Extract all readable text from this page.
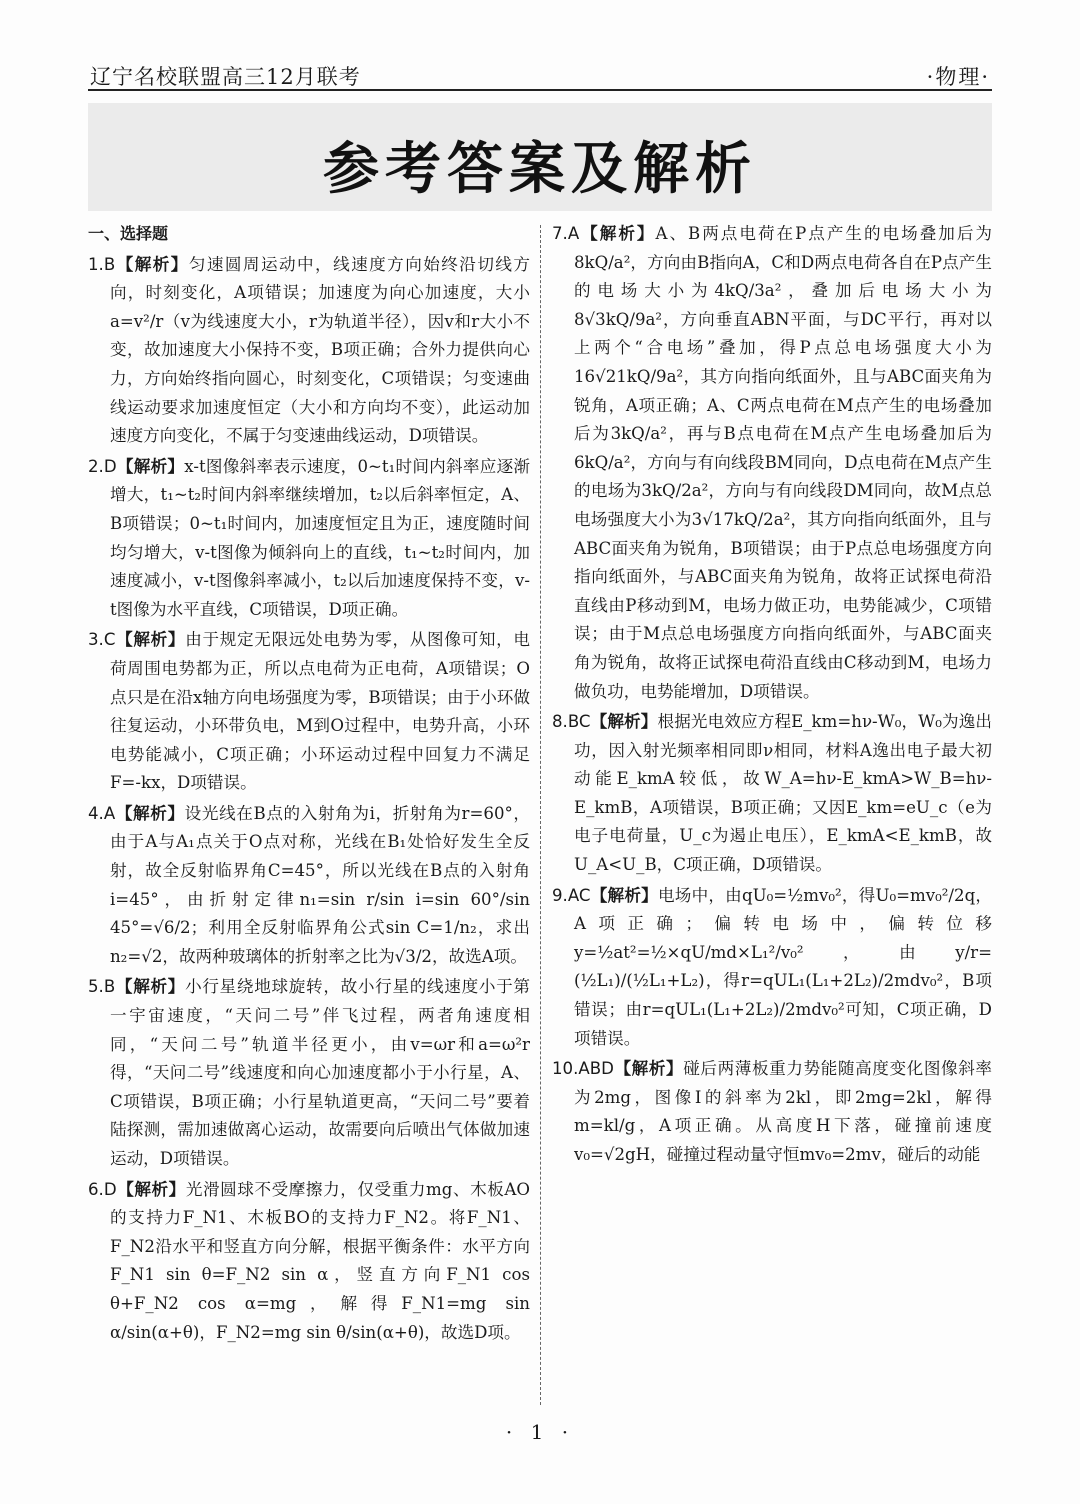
辽宁名校联盟高三12月联考	·物理·
参考答案及解析
一、选择题

1.B【解析】匀速圆周运动中，线速度方向始终沿切线方向，时刻变化，A项错误；加速度为向心加速度，大小a=v²/r（v为线速度大小，r为轨道半径），因v和r大小不变，故加速度大小保持不变，B项正确；合外力提供向心力，方向始终指向圆心，时刻变化，C项错误；匀变速曲线运动要求加速度恒定（大小和方向均不变），此运动加速度方向变化，不属于匀变速曲线运动，D项错误。

2.D【解析】x-t图像斜率表示速度，0~t₁时间内斜率应逐渐增大，t₁~t₂时间内斜率继续增加，t₂以后斜率恒定，A、B项错误；0~t₁时间内，加速度恒定且为正，速度随时间均匀增大，v-t图像为倾斜向上的直线，t₁~t₂时间内，加速度减小，v-t图像斜率减小，t₂以后加速度保持不变，v-t图像为水平直线，C项错误，D项正确。

3.C【解析】由于规定无限远处电势为零，从图像可知，电荷周围电势都为正，所以点电荷为正电荷，A项错误；O点只是在沿x轴方向电场强度为零，B项错误；由于小环做往复运动，小环带负电，M到O过程中，电势升高，小环电势能减小，C项正确；小环运动过程中回复力不满足F=-kx，D项错误。

4.A【解析】设光线在B点的入射角为i，折射角为r=60°，由于A与A₁点关于O点对称，光线在B₁处恰好发生全反射，故全反射临界角C=45°，所以光线在B点的入射角i=45°，由折射定律n₁=sin r/sin i=sin 60°/sin 45°=√6/2；利用全反射临界角公式sin C=1/n₂，求出n₂=√2，故两种玻璃体的折射率之比为√3/2，故选A项。

5.B【解析】小行星绕地球旋转，故小行星的线速度小于第一宇宙速度，“天问二号”伴飞过程，两者角速度相同，“天问二号”轨道半径更小，由v=ωr和a=ω²r得，“天问二号”线速度和向心加速度都小于小行星，A、C项错误，B项正确；小行星轨道更高，“天问二号”要着陆探测，需加速做离心运动，故需要向后喷出气体做加速运动，D项错误。

6.D【解析】光滑圆球不受摩擦力，仅受重力mg、木板AO的支持力F_N1、木板BO的支持力F_N2。将F_N1、F_N2沿水平和竖直方向分解，根据平衡条件：水平方向F_N1 sin θ=F_N2 sin α，竖直方向F_N1 cos θ+F_N2 cos α=mg，解得F_N1=mg sin α/sin(α+θ)，F_N2=mg sin θ/sin(α+θ)，故选D项。

7.A【解析】A、B两点电荷在P点产生的电场叠加后为8kQ/a²，方向由B指向A，C和D两点电荷各自在P点产生的电场大小为4kQ/3a²，叠加后电场大小为8√3kQ/9a²，方向垂直ABN平面，与DC平行，再对以上两个“合电场”叠加，得P点总电场强度大小为16√21kQ/9a²，其方向指向纸面外，且与ABC面夹角为锐角，A项正确；A、C两点电荷在M点产生的电场叠加后为3kQ/a²，再与B点电荷在M点产生电场叠加后为6kQ/a²，方向与有向线段BM同向，D点电荷在M点产生的电场为3kQ/2a²，方向与有向线段DM同向，故M点总电场强度大小为3√17kQ/2a²，其方向指向纸面外，且与ABC面夹角为锐角，B项错误；由于P点总电场强度方向指向纸面外，与ABC面夹角为锐角，故将正试探电荷沿直线由P移动到M，电场力做正功，电势能减少，C项错误；由于M点总电场强度方向指向纸面外，与ABC面夹角为锐角，故将正试探电荷沿直线由C移动到M，电场力做负功，电势能增加，D项错误。

8.BC【解析】根据光电效应方程E_km=hν-W₀，W₀为逸出功，因入射光频率相同即ν相同，材料A逸出电子最大初动能E_kmA较低，故W_A=hν-E_kmA>W_B=hν-E_kmB，A项错误，B项正确；又因E_km=eU_c（e为电子电荷量，U_c为遏止电压），E_kmA<E_kmB，故U_A<U_B，C项正确，D项错误。

9.AC【解析】电场中，由qU₀=½mv₀²，得U₀=mv₀²/2q，A项正确；偏转电场中，偏转位移y=½at²=½×qU/md×L₁²/v₀²，由y/r=(½L₁)/(½L₁+L₂)，得r=qUL₁(L₁+2L₂)/2mdv₀²，B项错误；由r=qUL₁(L₁+2L₂)/2mdv₀²可知，C项正确，D项错误。

10.ABD【解析】碰后两薄板重力势能随高度变化图像斜率为2mg，图像Ⅰ的斜率为2kl，即2mg=2kl，解得m=kl/g，A项正确。从高度H下落，碰撞前速度v₀=√2gH，碰撞过程动量守恒mv₀=2mv，碰后的动能

· 1 ·
